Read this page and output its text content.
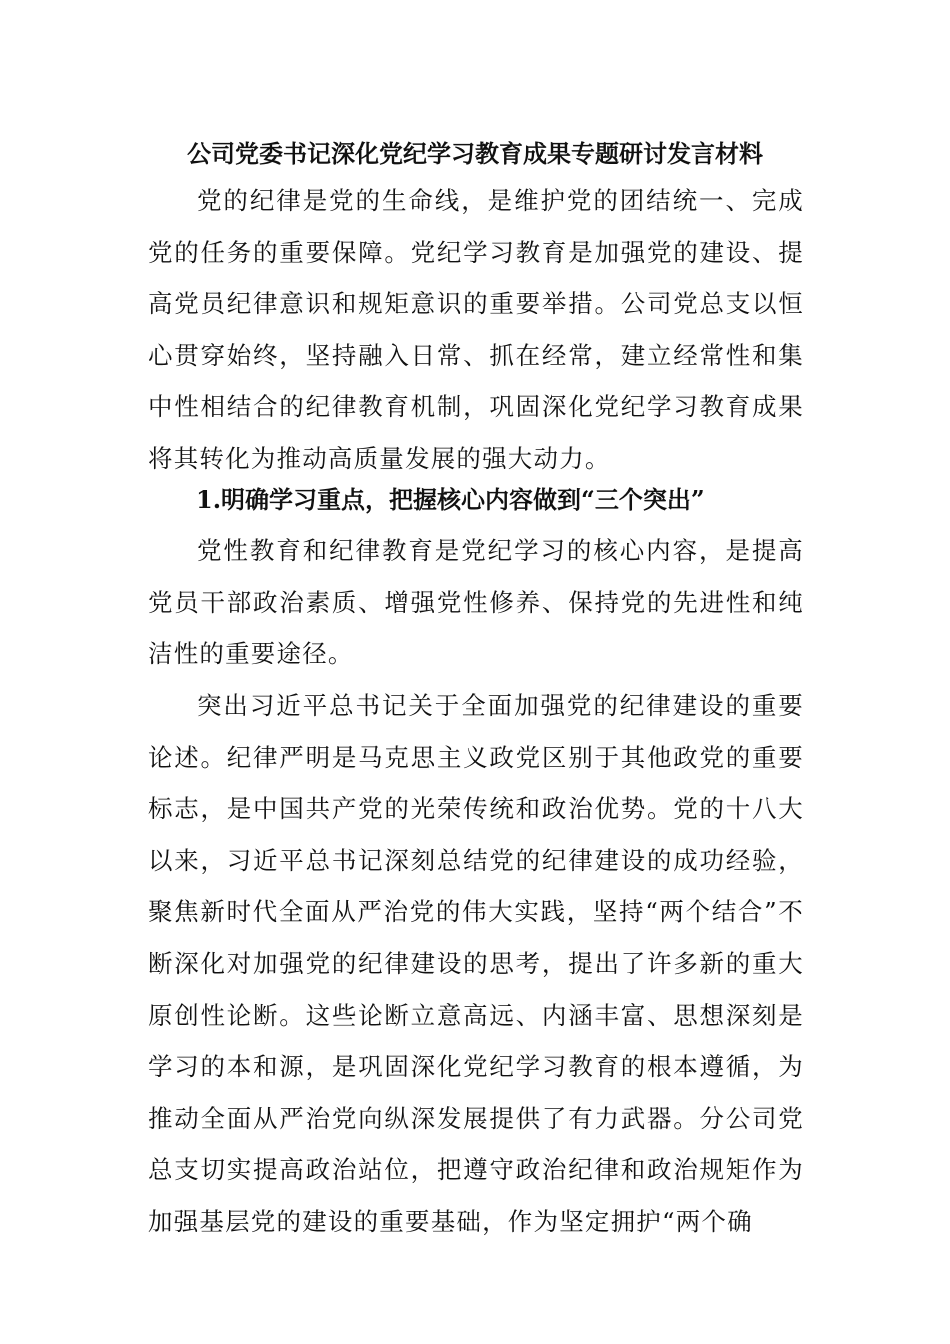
公司党委书记深化党纪学习教育成果专题研讨发言材料

党的纪律是党的生命线，是维护党的团结统一、完成党的任务的重要保障。党纪学习教育是加强党的建设、提高党员纪律意识和规矩意识的重要举措。公司党总支以恒心贯穿始终，坚持融入日常、抓在经常，建立经常性和集中性相结合的纪律教育机制，巩固深化党纪学习教育成果将其转化为推动高质量发展的强大动力。

1.明确学习重点，把握核心内容做到“三个突出”

党性教育和纪律教育是党纪学习的核心内容，是提高党员干部政治素质、增强党性修养、保持党的先进性和纯洁性的重要途径。

突出习近平总书记关于全面加强党的纪律建设的重要论述。纪律严明是马克思主义政党区别于其他政党的重要标志，是中国共产党的光荣传统和政治优势。党的十八大以来，习近平总书记深刻总结党的纪律建设的成功经验，聚焦新时代全面从严治党的伟大实践，坚持“两个结合”不断深化对加强党的纪律建设的思考，提出了许多新的重大原创性论断。这些论断立意高远、内涵丰富、思想深刻是学习的本和源，是巩固深化党纪学习教育的根本遵循，为推动全面从严治党向纵深发展提供了有力武器。分公司党总支切实提高政治站位，把遵守政治纪律和政治规矩作为加强基层党的建设的重要基础，作为坚定拥护“两个确
